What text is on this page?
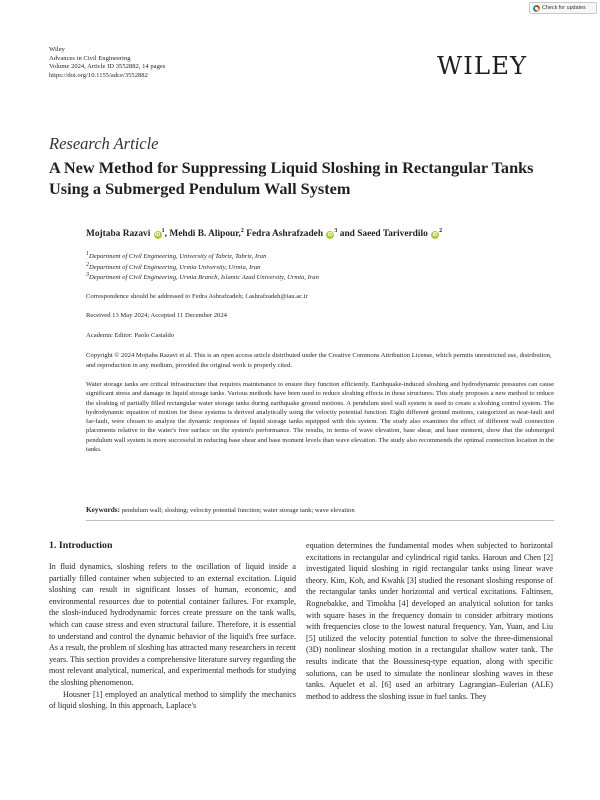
Check for updates
Wiley
Advances in Civil Engineering
Volume 2024, Article ID 3552882, 14 pages
https://doi.org/10.1155/adce/3552882	WILEY
Research Article
A New Method for Suppressing Liquid Sloshing in Rectangular Tanks Using a Submerged Pendulum Wall System
Mojtaba Razavi $iD^1$, Mehdi B. Alipour,$^2$ Fedra Ashrafzadeh $iD^3$ and Saeed Tariverdilo $iD^2$
$^1$Department of Civil Engineering, University of Tabriz, Tabriz, Iran
$^2$Department of Civil Engineering, Urmia University, Urmia, Iran
$^3$Department of Civil Engineering, Urmia Branch, Islamic Azad University, Urmia, Iran
Correspondence should be addressed to Fedra Ashrafzadeh; f.ashrafzadeh@iau.ac.ir
Received 13 May 2024; Accepted 11 December 2024
Academic Editor: Paolo Castaldo
Copyright © 2024 Mojtaba Razavi et al. This is an open access article distributed under the Creative Commons Attribution License, which permits unrestricted use, distribution, and reproduction in any medium, provided the original work is properly cited.
Water storage tanks are critical infrastructure that requires maintenance to ensure they function efficiently. Earthquake-induced sloshing and hydrodynamic pressures can cause significant stress and damage in liquid storage tanks. Various methods have been used to reduce sloshing effects in these structures. This study proposes a new method to reduce the sloshing of partially filled rectangular water storage tanks during earthquake ground motions. A pendulum steel wall system is used to create a sloshing control system. The hydrodynamic equation of motion for these systems is derived analytically using the velocity potential function. Eight different ground motions, categorized as near-fault and far-fault, were chosen to analyze the dynamic responses of liquid storage tanks equipped with this system. The study also examines the effect of different wall connection placements relative to the water's free surface on the system's performance. The results, in terms of wave elevation, base shear, and base moment, show that the submerged pendulum wall system is more successful in reducing base shear and base moment levels than wave elevation. The study also recommends the optimal connection location in the tanks.
Keywords: pendulum wall; sloshing; velocity potential function; water storage tank; wave elevation
1. Introduction

In fluid dynamics, sloshing refers to the oscillation of liquid inside a partially filled container when subjected to an external excitation. Liquid sloshing can result in significant losses of human, economic, and environmental resources due to potential container failures. For example, the slosh-induced hydrodynamic forces create pressure on the tank walls, which can cause stress and even structural failure. Therefore, it is essential to understand and control the dynamic behavior of the liquid's free surface. As a result, the problem of sloshing has attracted many researchers in recent years. This section provides a comprehensive literature survey regarding the most relevant analytical, numerical, and experimental methods for studying the sloshing phenomenon.

Housner [1] employed an analytical method to simplify the mechanics of liquid sloshing. In this approach, Laplace's

equation determines the fundamental modes when subjected to horizontal excitations in rectangular and cylindrical rigid tanks. Haroun and Chen [2] investigated liquid sloshing in rigid rectangular tanks using linear wave theory. Kim, Koh, and Kwahk [3] studied the resonant sloshing response of the rectangular tanks under horizontal and vertical excitations. Faltinsen, Rognebakke, and Timokha [4] developed an analytical solution for tanks with square bases in the frequency domain to consider arbitrary motions with frequencies close to the lowest natural frequency. Yan, Yuan, and Liu [5] utilized the velocity potential function to solve the three-dimensional (3D) nonlinear sloshing motion in a rectangular shallow water tank. The results indicate that the Boussinesq-type equation, along with specific solutions, can be used to simulate the nonlinear sloshing waves in these tanks. Aquelet et al. [6] used an arbitrary Lagrangian–Eulerian (ALE) method to address the sloshing issue in fuel tanks. They
